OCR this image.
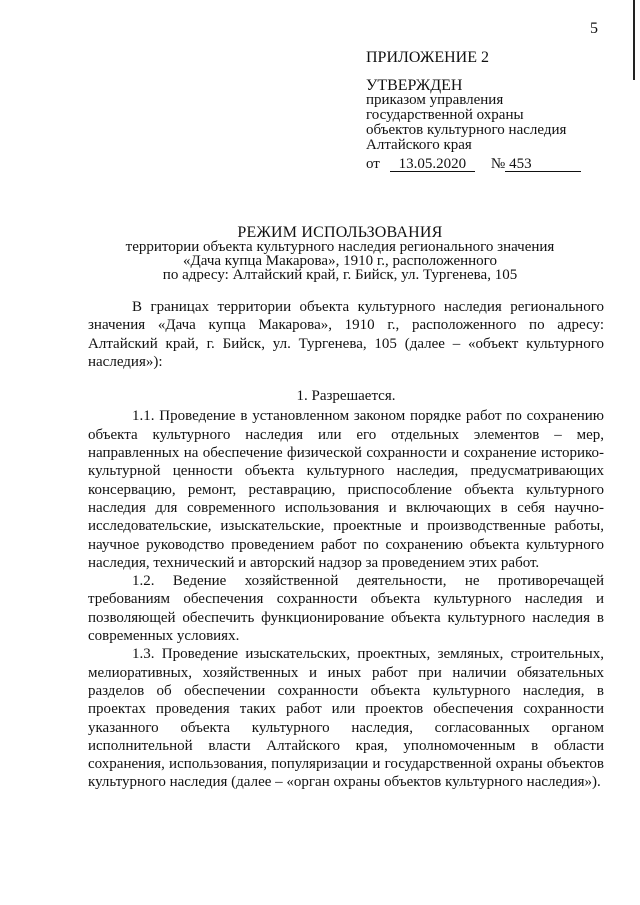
5
ПРИЛОЖЕНИЕ 2
УТВЕРЖДЕН
приказом управления
государственной охраны
объектов культурного наследия
Алтайского края
от 13.05.2020 № 453
РЕЖИМ ИСПОЛЬЗОВАНИЯ
территории объекта культурного наследия регионального значения
«Дача купца Макарова», 1910 г., расположенного
по адресу: Алтайский край, г. Бийск, ул. Тургенева, 105

В границах территории объекта культурного наследия регионального значения «Дача купца Макарова», 1910 г., расположенного по адресу: Алтайский край, г. Бийск, ул. Тургенева, 105 (далее – «объект культурного наследия»):

1. Разрешается.

1.1. Проведение в установленном законом порядке работ по сохранению объекта культурного наследия или его отдельных элементов – мер, направленных на обеспечение физической сохранности и сохранение историко-культурной ценности объекта культурного наследия, предусматривающих консервацию, ремонт, реставрацию, приспособление объекта культурного наследия для современного использования и включающих в себя научно-исследовательские, изыскательские, проектные и производственные работы, научное руководство проведением работ по сохранению объекта культурного наследия, технический и авторский надзор за проведением этих работ.

1.2. Ведение хозяйственной деятельности, не противоречащей требованиям обеспечения сохранности объекта культурного наследия и позволяющей обеспечить функционирование объекта культурного наследия в современных условиях.

1.3. Проведение изыскательских, проектных, земляных, строительных, мелиоративных, хозяйственных и иных работ при наличии обязательных разделов об обеспечении сохранности объекта культурного наследия, в проектах проведения таких работ или проектов обеспечения сохранности указанного объекта культурного наследия, согласованных органом исполнительной власти Алтайского края, уполномоченным в области сохранения, использования, популяризации и государственной охраны объектов культурного наследия (далее – «орган охраны объектов культурного наследия»).
